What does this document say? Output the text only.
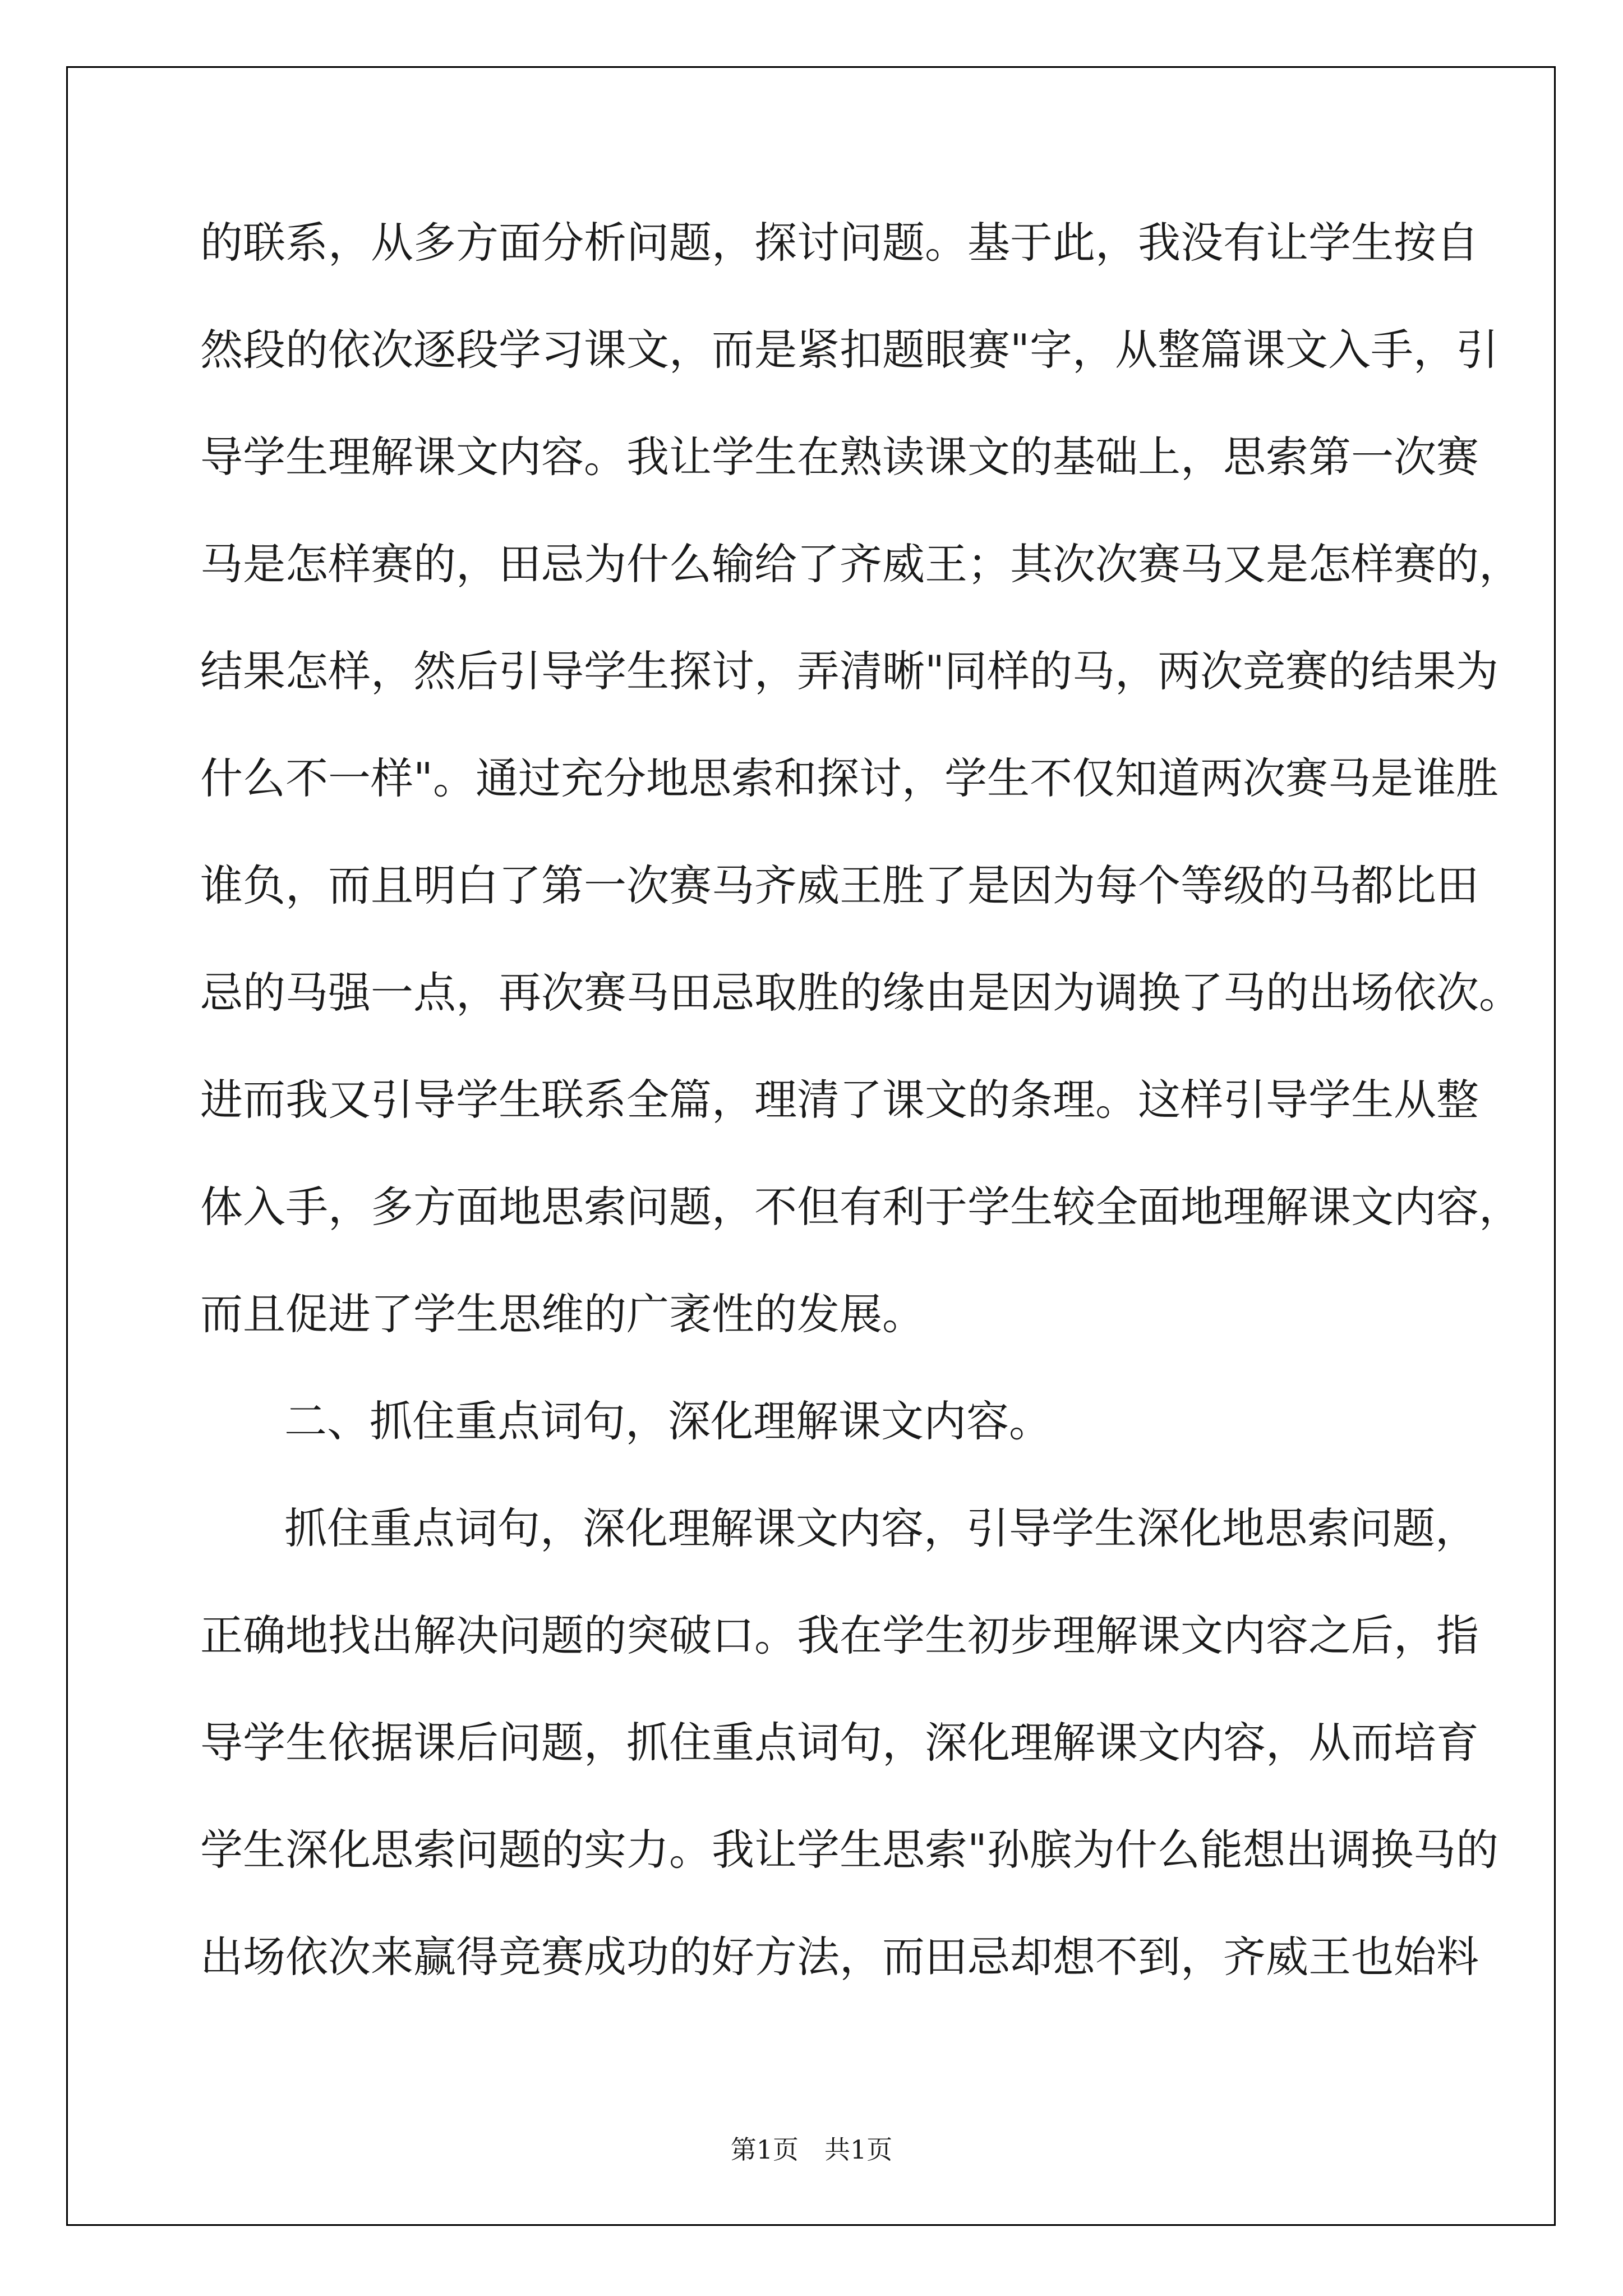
的联系，从多方面分析问题，探讨问题。基于此，我没有让学生按自
然段的依次逐段学习课文，而是紧扣题眼赛"字，从整篇课文入手，引
导学生理解课文内容。我让学生在熟读课文的基础上，思索第一次赛
马是怎样赛的，田忌为什么输给了齐威王；其次次赛马又是怎样赛的，
结果怎样，然后引导学生探讨，弄清晰"同样的马，两次竞赛的结果为
什么不一样"。通过充分地思索和探讨，学生不仅知道两次赛马是谁胜
谁负，而且明白了第一次赛马齐威王胜了是因为每个等级的马都比田
忌的马强一点，再次赛马田忌取胜的缘由是因为调换了马的出场依次。
进而我又引导学生联系全篇，理清了课文的条理。这样引导学生从整
体入手，多方面地思索问题，不但有利于学生较全面地理解课文内容，
而且促进了学生思维的广袤性的发展。
二、抓住重点词句，深化理解课文内容。
抓住重点词句，深化理解课文内容，引导学生深化地思索问题，
正确地找出解决问题的突破口。我在学生初步理解课文内容之后，指
导学生依据课后问题，抓住重点词句，深化理解课文内容，从而培育
学生深化思索问题的实力。我让学生思索"孙膑为什么能想出调换马的
出场依次来赢得竞赛成功的好方法，而田忌却想不到，齐威王也始料
第1页　共1页
